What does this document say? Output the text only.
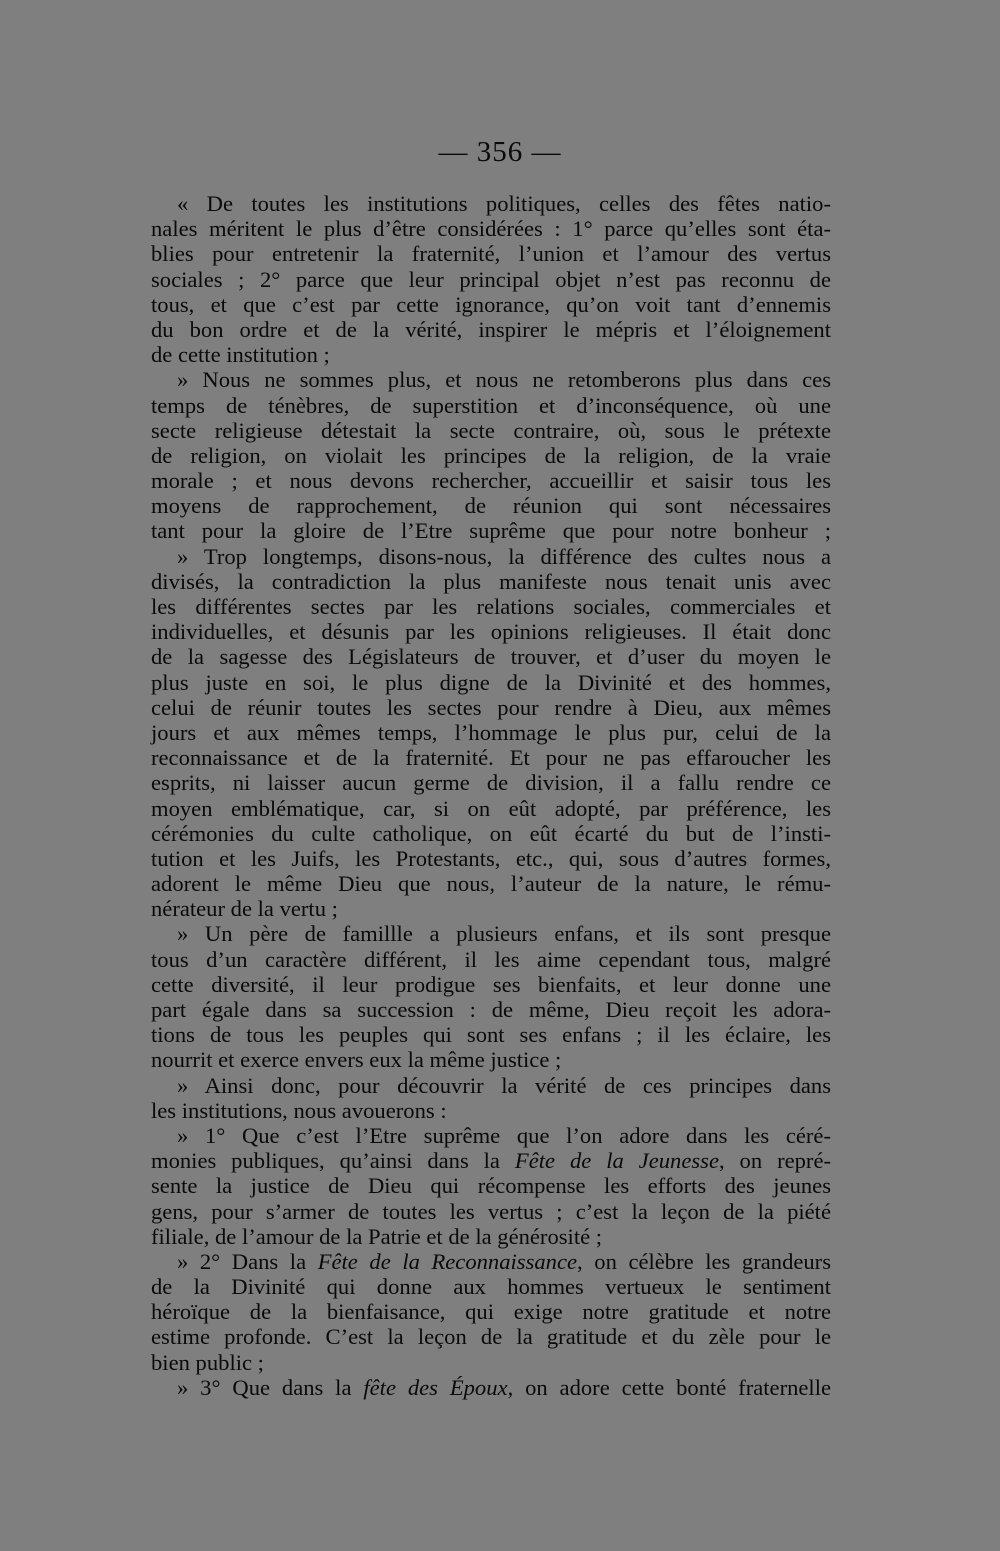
— 356 —
« De toutes les institutions politiques, celles des fêtes natio-
nales méritent le plus d’être considérées : 1° parce qu’elles sont éta-
blies pour entretenir la fraternité, l’union et l’amour des vertus
sociales ; 2° parce que leur principal objet n’est pas reconnu de
tous, et que c’est par cette ignorance, qu’on voit tant d’ennemis
du bon ordre et de la vérité, inspirer le mépris et l’éloignement
de cette institution ;
» Nous ne sommes plus, et nous ne retomberons plus dans ces
temps de ténèbres, de superstition et d’inconséquence, où une
secte religieuse détestait la secte contraire, où, sous le prétexte
de religion, on violait les principes de la religion, de la vraie
morale ; et nous devons rechercher, accueillir et saisir tous les
moyens de rapprochement, de réunion qui sont nécessaires
tant pour la gloire de l’Etre suprême que pour notre bonheur ;
» Trop longtemps, disons-nous, la différence des cultes nous a
divisés, la contradiction la plus manifeste nous tenait unis avec
les différentes sectes par les relations sociales, commerciales et
individuelles, et désunis par les opinions religieuses. Il était donc
de la sagesse des Législateurs de trouver, et d’user du moyen le
plus juste en soi, le plus digne de la Divinité et des hommes,
celui de réunir toutes les sectes pour rendre à Dieu, aux mêmes
jours et aux mêmes temps, l’hommage le plus pur, celui de la
reconnaissance et de la fraternité. Et pour ne pas effaroucher les
esprits, ni laisser aucun germe de division, il a fallu rendre ce
moyen emblématique, car, si on eût adopté, par préférence, les
cérémonies du culte catholique, on eût écarté du but de l’insti-
tution et les Juifs, les Protestants, etc., qui, sous d’autres formes,
adorent le même Dieu que nous, l’auteur de la nature, le rému-
nérateur de la vertu ;
» Un père de famillle a plusieurs enfans, et ils sont presque
tous d’un caractère différent, il les aime cependant tous, malgré
cette diversité, il leur prodigue ses bienfaits, et leur donne une
part égale dans sa succession : de même, Dieu reçoit les adora-
tions de tous les peuples qui sont ses enfans ; il les éclaire, les
nourrit et exerce envers eux la même justice ;
» Ainsi donc, pour découvrir la vérité de ces principes dans
les institutions, nous avouerons :
» 1° Que c’est l’Etre suprême que l’on adore dans les céré-
monies publiques, qu’ainsi dans la Fête de la Jeunesse, on repré-
sente la justice de Dieu qui récompense les efforts des jeunes
gens, pour s’armer de toutes les vertus ; c’est la leçon de la piété
filiale, de l’amour de la Patrie et de la générosité ;
» 2° Dans la Fête de la Reconnaissance, on célèbre les grandeurs
de la Divinité qui donne aux hommes vertueux le sentiment
héroïque de la bienfaisance, qui exige notre gratitude et notre
estime profonde. C’est la leçon de la gratitude et du zèle pour le
bien public ;
» 3° Que dans la fête des Époux, on adore cette bonté fraternelle
